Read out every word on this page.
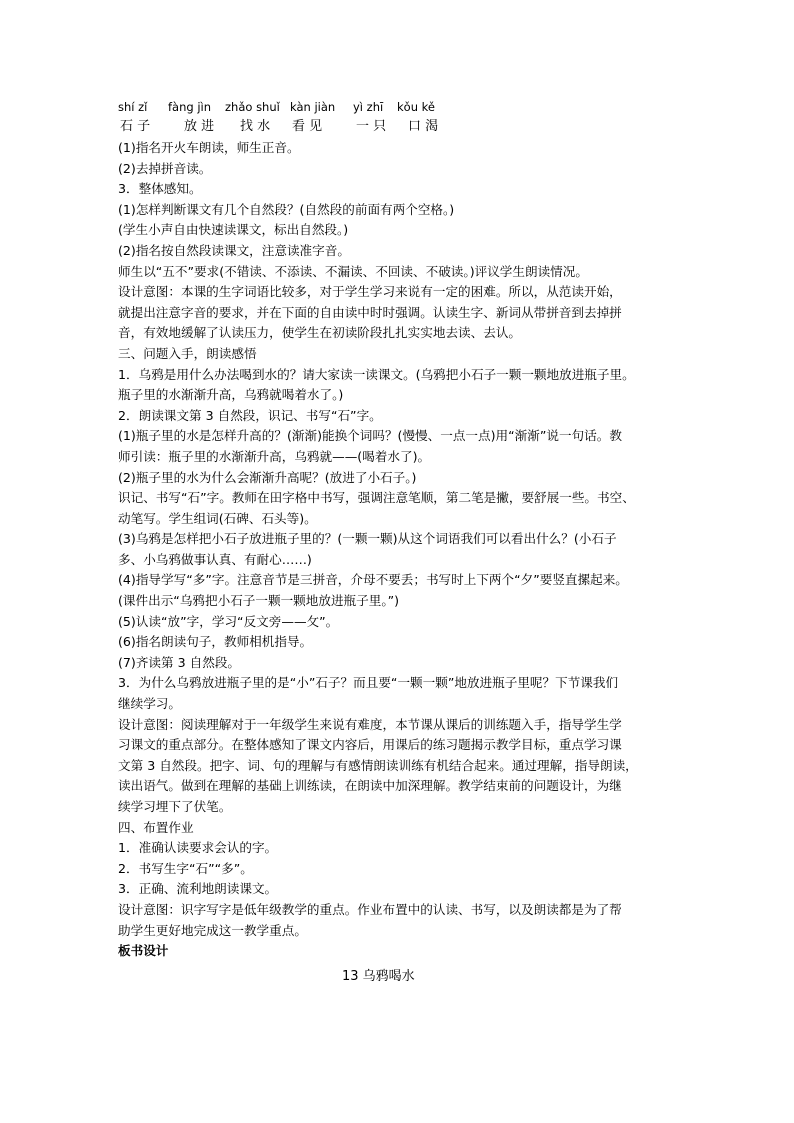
shí zǐ	fàng jìn	zhǎo shuǐ kàn jiàn	yì zhī	kǒu kě
石 子	放 进	找 水	看 见	一 只	口 渴
(1)指名开火车朗读，师生正音。
(2)去掉拼音读。
3．整体感知。
(1)怎样判断课文有几个自然段？(自然段的前面有两个空格。)
(学生小声自由快速读课文，标出自然段。)
(2)指名按自然段读课文，注意读准字音。
师生以“五不”要求(不错读、不添读、不漏读、不回读、不破读。)评议学生朗读情况。
设计意图：本课的生字词语比较多，对于学生学习来说有一定的困难。所以，从范读开始，
就提出注意字音的要求，并在下面的自由读中时时强调。认读生字、新词从带拼音到去掉拼
音，有效地缓解了认读压力，使学生在初读阶段扎扎实实地去读、去认。
三、问题入手，朗读感悟
1．乌鸦是用什么办法喝到水的？请大家读一读课文。(乌鸦把小石子一颗一颗地放进瓶子里。
瓶子里的水渐渐升高，乌鸦就喝着水了。)
2．朗读课文第 3 自然段，识记、书写“石”字。
(1)瓶子里的水是怎样升高的？(渐渐)能换个词吗？(慢慢、一点一点)用“渐渐”说一句话。教
师引读：瓶子里的水渐渐升高，乌鸦就——(喝着水了)。
(2)瓶子里的水为什么会渐渐升高呢？(放进了小石子。)
识记、书写“石”字。教师在田字格中书写，强调注意笔顺，第二笔是撇，要舒展一些。书空、
动笔写。学生组词(石碑、石头等)。
(3)乌鸦是怎样把小石子放进瓶子里的？(一颗一颗)从这个词语我们可以看出什么？(小石子
多、小乌鸦做事认真、有耐心……)
(4)指导学写“多”字。注意音节是三拼音，介母不要丢；书写时上下两个“夕”要竖直摞起来。
(课件出示“乌鸦把小石子一颗一颗地放进瓶子里。”)
(5)认读“放”字，学习“反文旁——攵”。
(6)指名朗读句子，教师相机指导。
(7)齐读第 3 自然段。
3．为什么乌鸦放进瓶子里的是“小”石子？而且要“一颗一颗”地放进瓶子里呢？下节课我们
继续学习。
设计意图：阅读理解对于一年级学生来说有难度，本节课从课后的训练题入手，指导学生学
习课文的重点部分。在整体感知了课文内容后，用课后的练习题揭示教学目标，重点学习课
文第 3 自然段。把字、词、句的理解与有感情朗读训练有机结合起来。通过理解，指导朗读，
读出语气。做到在理解的基础上训练读，在朗读中加深理解。教学结束前的问题设计，为继
续学习埋下了伏笔。
四、布置作业
1．准确认读要求会认的字。
2．书写生字“石”“多”。
3．正确、流利地朗读课文。
设计意图：识字写字是低年级教学的重点。作业布置中的认读、书写，以及朗读都是为了帮
助学生更好地完成这一教学重点。
板书设计
13 乌鸦喝水
